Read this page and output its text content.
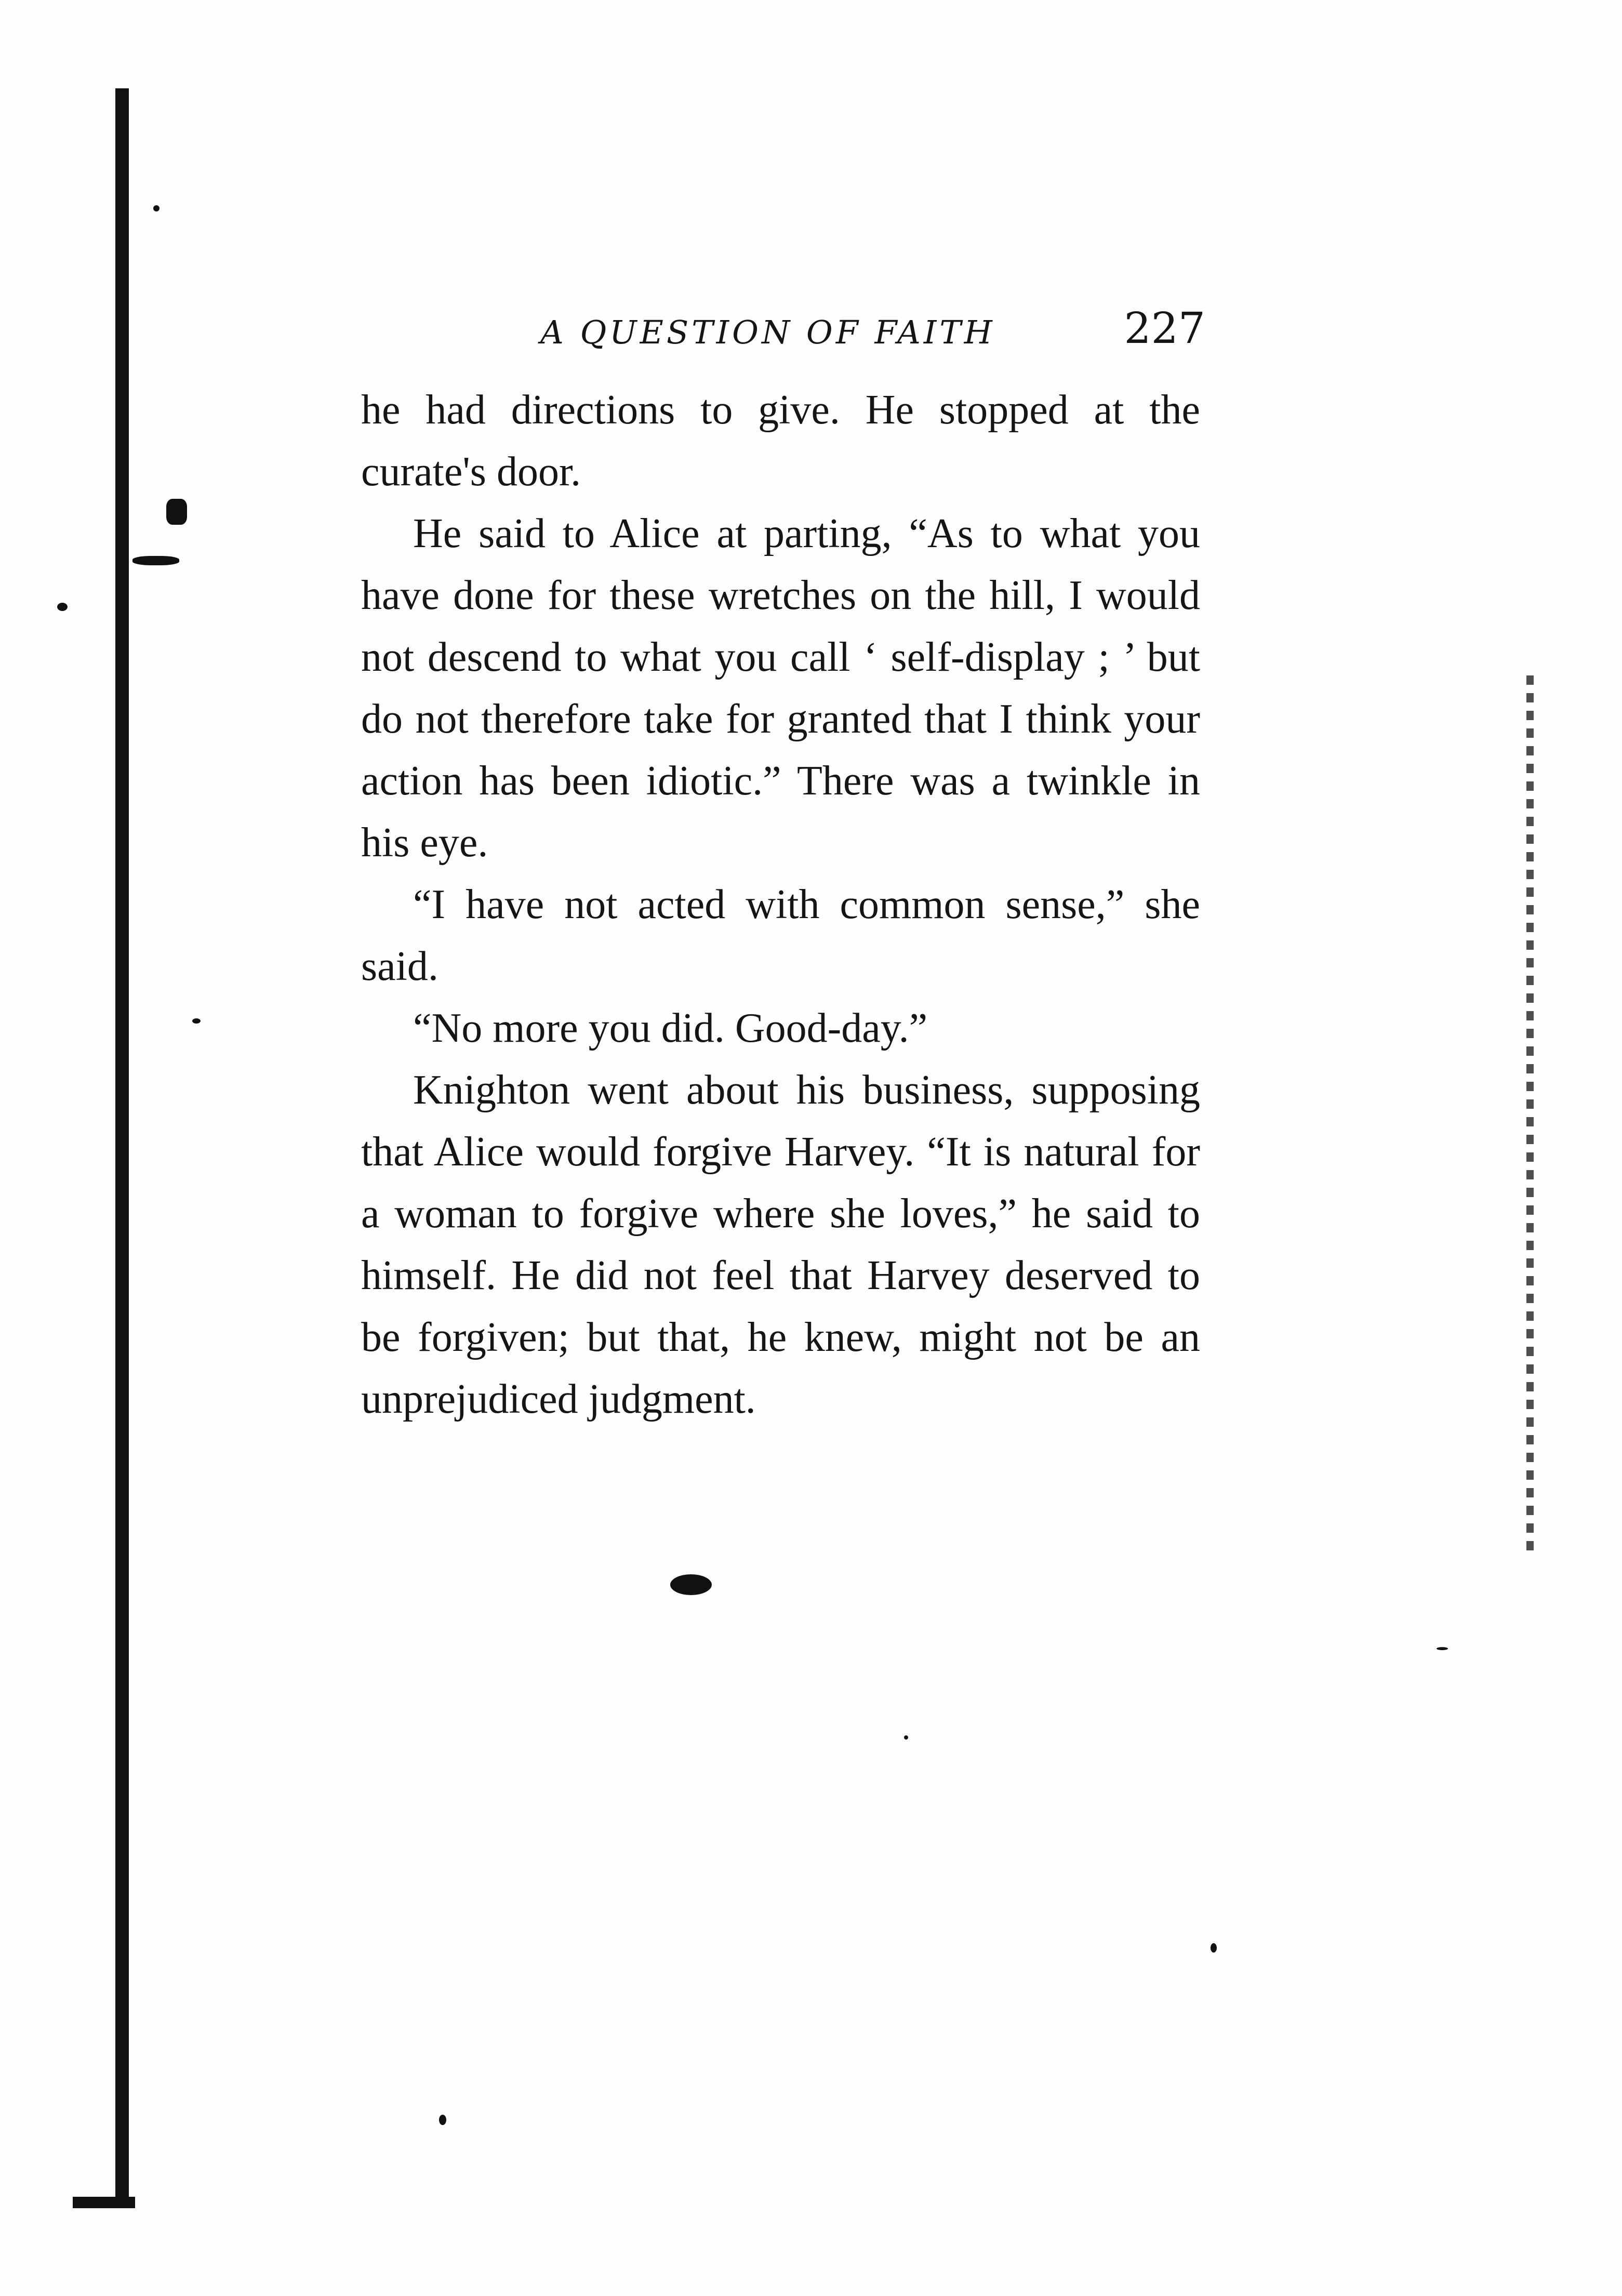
A QUESTION OF FAITH	227

he had directions to give. He stopped at the curate's door.

He said to Alice at parting, “As to what you have done for these wretches on the hill, I would not descend to what you call ‘ self-display ; ’ but do not therefore take for granted that I think your action has been idiotic.” There was a twinkle in his eye.

“I have not acted with common sense,” she said.

“No more you did. Good-day.”

Knighton went about his business, supposing that Alice would forgive Harvey. “It is natural for a woman to forgive where she loves,” he said to himself. He did not feel that Harvey deserved to be forgiven; but that, he knew, might not be an unprejudiced judgment.
